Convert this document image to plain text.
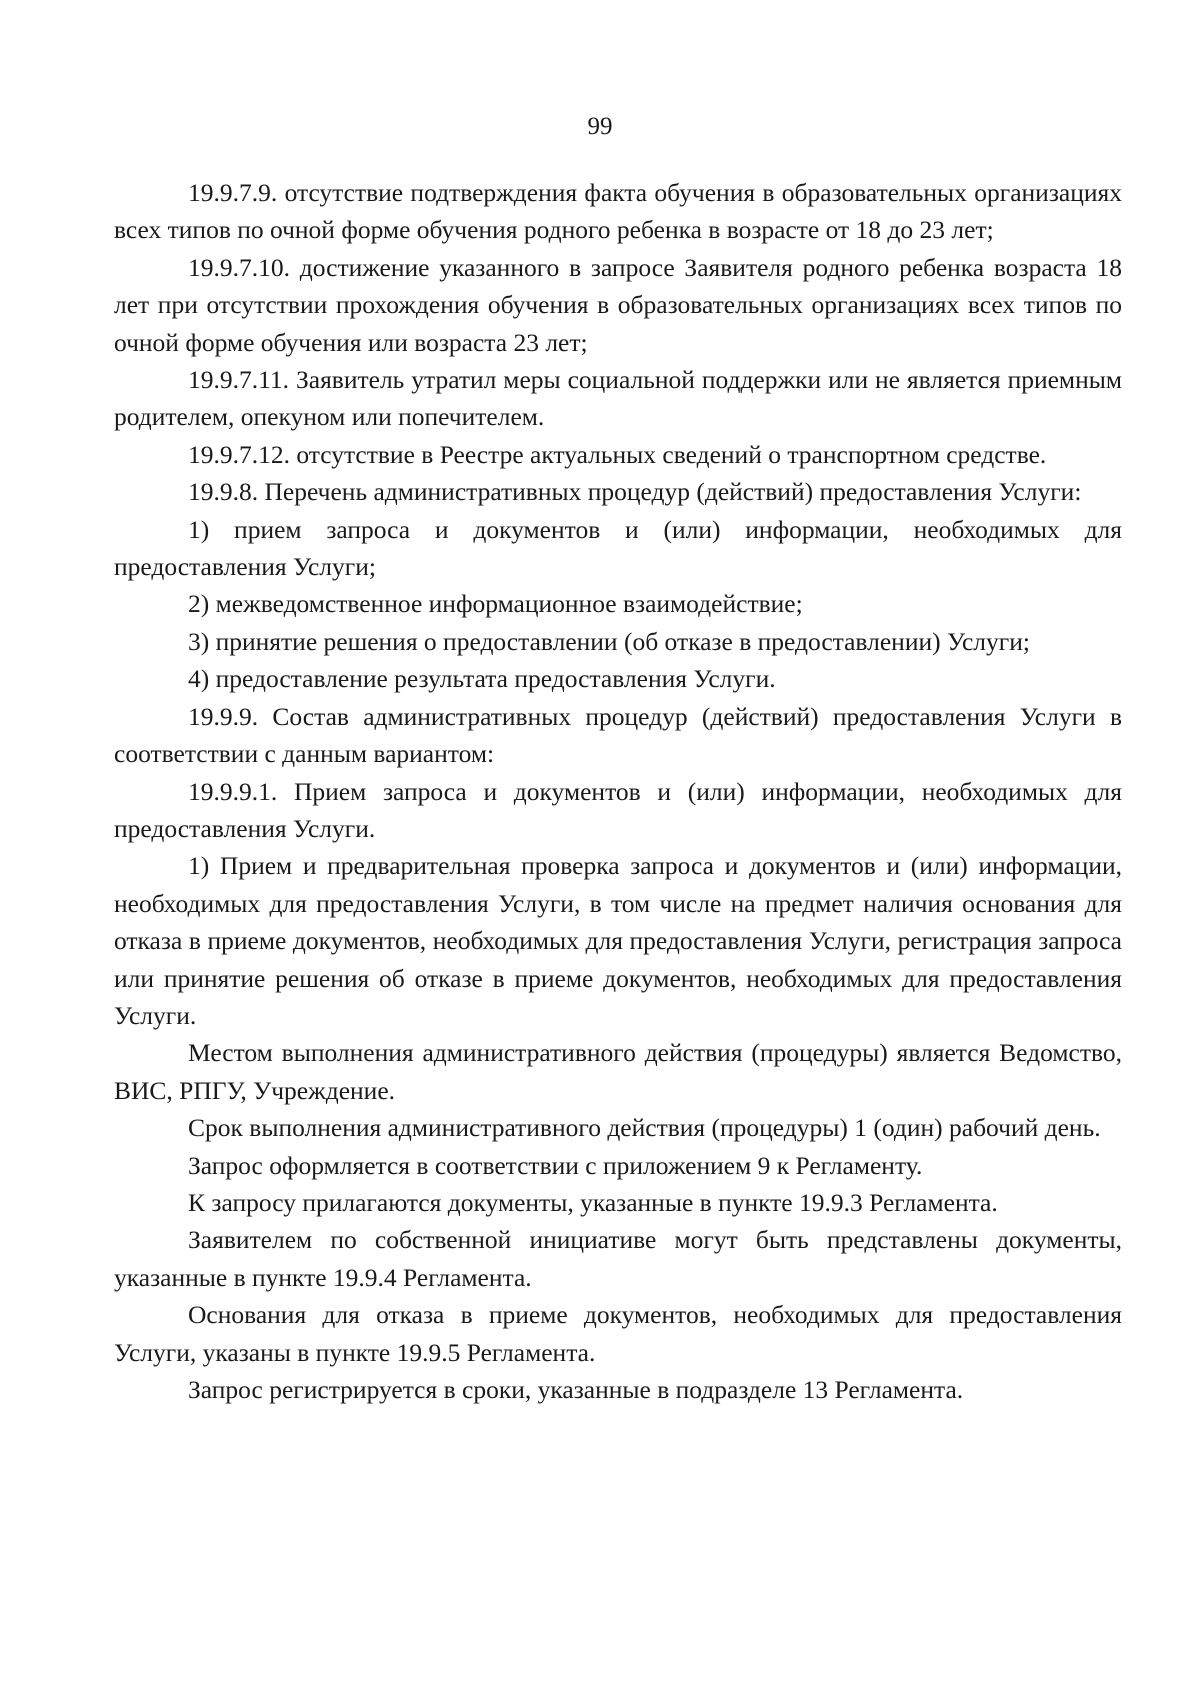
99

19.9.7.9. отсутствие подтверждения факта обучения в образовательных организациях всех типов по очной форме обучения родного ребенка в возрасте от 18 до 23 лет;

19.9.7.10. достижение указанного в запросе Заявителя родного ребенка возраста 18 лет при отсутствии прохождения обучения в образовательных организациях всех типов по очной форме обучения или возраста 23 лет;

19.9.7.11. Заявитель утратил меры социальной поддержки или не является приемным родителем, опекуном или попечителем.

19.9.7.12. отсутствие в Реестре актуальных сведений о транспортном средстве.

19.9.8. Перечень административных процедур (действий) предоставления Услуги:

1) прием запроса и документов и (или) информации, необходимых для предоставления Услуги;

2) межведомственное информационное взаимодействие;

3) принятие решения о предоставлении (об отказе в предоставлении) Услуги;

4) предоставление результата предоставления Услуги.

19.9.9. Состав административных процедур (действий) предоставления Услуги в соответствии с данным вариантом:

19.9.9.1. Прием запроса и документов и (или) информации, необходимых для предоставления Услуги.

1) Прием и предварительная проверка запроса и документов и (или) информации, необходимых для предоставления Услуги, в том числе на предмет наличия основания для отказа в приеме документов, необходимых для предоставления Услуги, регистрация запроса или принятие решения об отказе в приеме документов, необходимых для предоставления Услуги.

Местом выполнения административного действия (процедуры) является Ведомство, ВИС, РПГУ, Учреждение.

Срок выполнения административного действия (процедуры) 1 (один) рабочий день.

Запрос оформляется в соответствии с приложением 9 к Регламенту.

К запросу прилагаются документы, указанные в пункте 19.9.3 Регламента.

Заявителем по собственной инициативе могут быть представлены документы, указанные в пункте 19.9.4 Регламента.

Основания для отказа в приеме документов, необходимых для предоставления Услуги, указаны в пункте 19.9.5 Регламента.

Запрос регистрируется в сроки, указанные в подразделе 13 Регламента.
